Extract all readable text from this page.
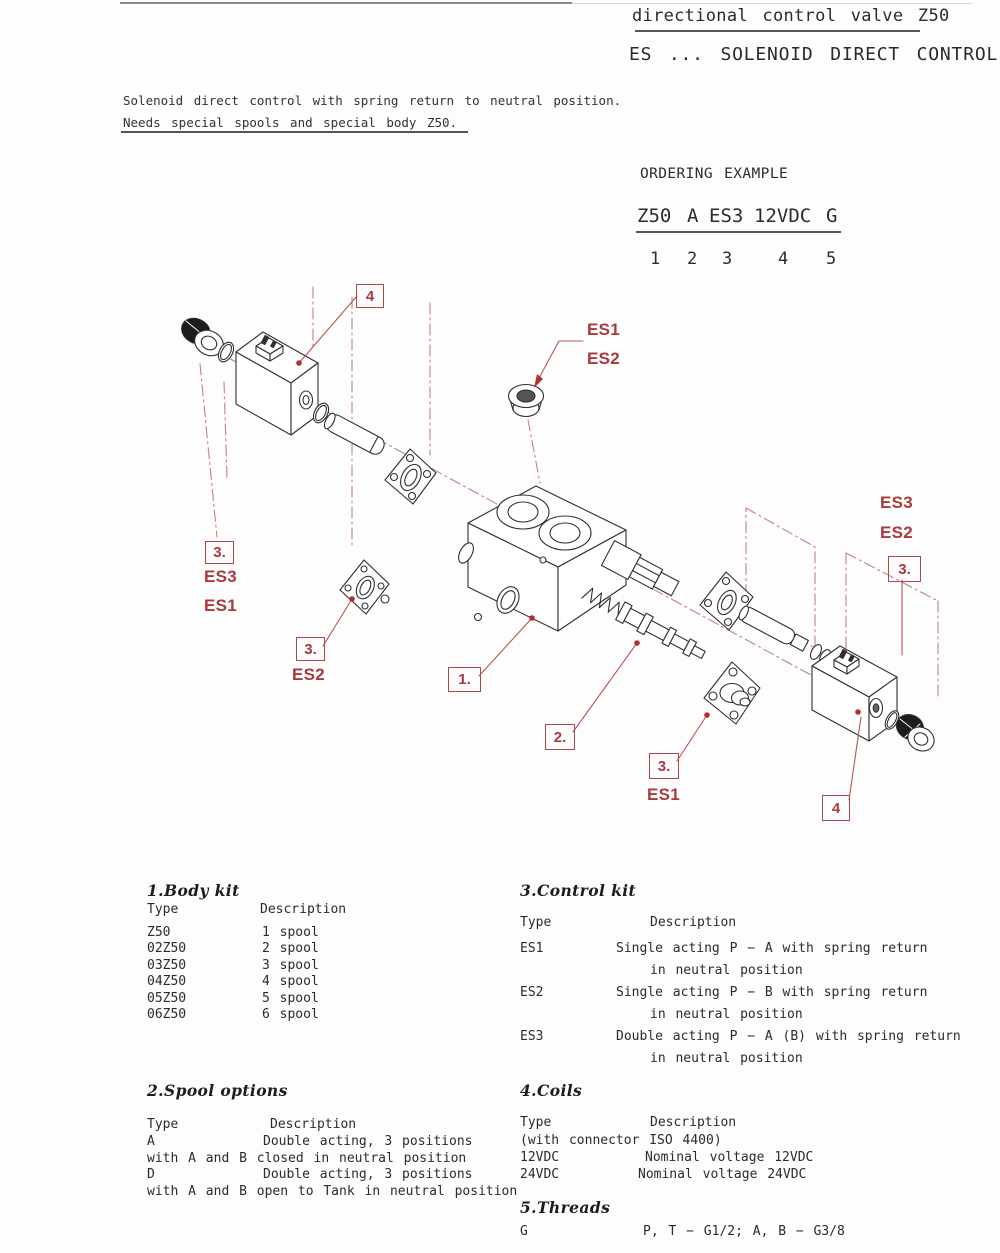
directional control valve Z50
ES ... SOLENOID DIRECT CONTROL
Solenoid direct control with spring return to neutral position.
Needs special spools and special body Z50.
ORDERING EXAMPLE
Z50 A ES3 12VDC G
1 2 3	4 5
4
ES1
ES2
3.
ES3
ES1
3.
ES2	1.
2.
3.
ES1
ES3
ES2
3.
4
1.Body kit
Type	Description
Z50	1 spool
02Z50	2 spool
03Z50	3 spool
04Z50	4 spool
05Z50	5 spool
06Z50	6 spool
3.Control kit
Type	Description
ES1	Single acting P − A with spring return
in neutral position
ES2	Single acting P − B with spring return
in neutral position
ES3	Double acting P − A (B) with spring return
in neutral position
2.Spool options
Type	Description
A	Double acting, 3 positions
with A and B closed in neutral position
D	Double acting, 3 positions
with A and B open to Tank in neutral position
4.Coils
Type	Description
(with connector ISO 4400)
12VDC	Nominal voltage 12VDC
24VDC	Nominal voltage 24VDC
5.Threads
G	P, T − G1/2; A, B − G3/8
